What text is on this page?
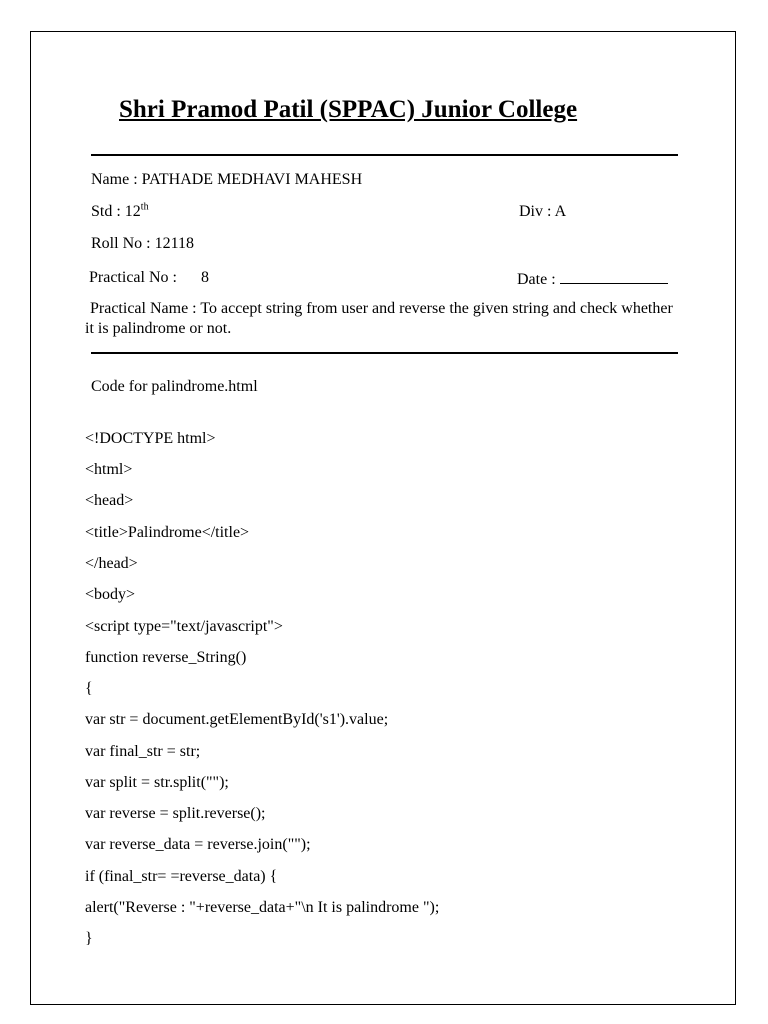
Shri Pramod Patil (SPPAC) Junior College
Name : PATHADE MEDHAVI MAHESH
Std : 12th	Div : A
Roll No : 12118
Practical No : 8	Date :
Practical Name : To accept string from user and reverse the given string and check whether it is palindrome or not.
Code for palindrome.html
<!DOCTYPE html>
<html>
<head>
<title>Palindrome</title>
</head>
<body>
<script type="text/javascript">
function reverse_String()
{
var str = document.getElementById('s1').value;
var final_str = str;
var split = str.split("");
var reverse = split.reverse();
var reverse_data = reverse.join("");
if (final_str= =reverse_data) {
alert("Reverse : "+reverse_data+"\n It is palindrome ");
}
